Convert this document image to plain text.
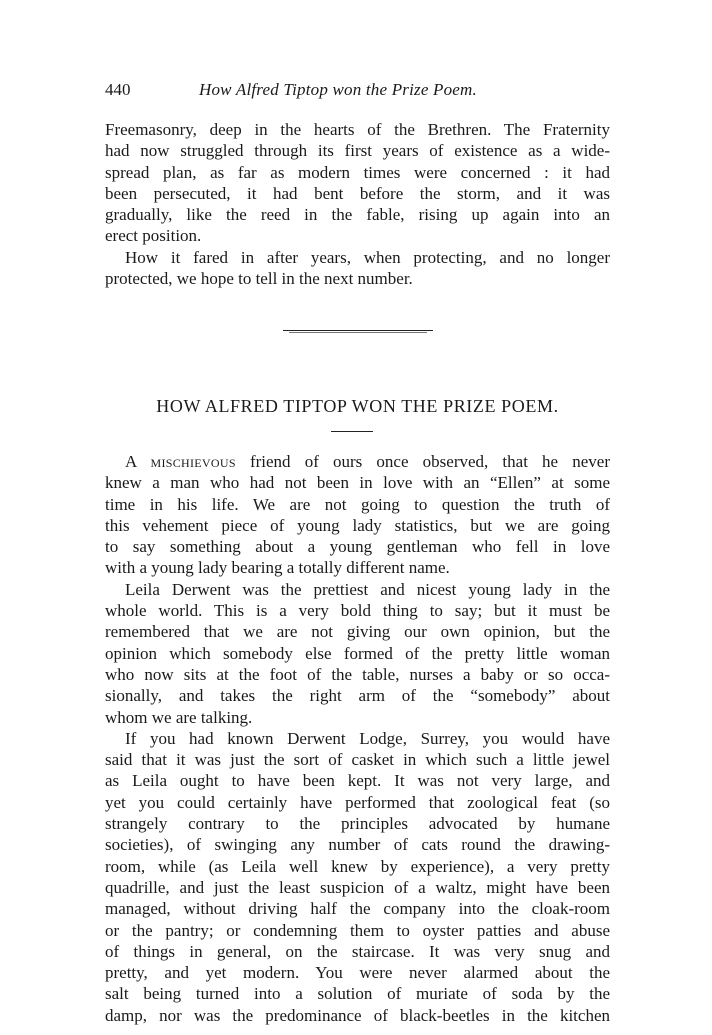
440	How Alfred Tiptop won the Prize Poem.
Freemasonry, deep in the hearts of the Brethren. The Fraternity
had now struggled through its first years of existence as a wide-
spread plan, as far as modern times were concerned : it had
been persecuted, it had bent before the storm, and it was
gradually, like the reed in the fable, rising up again into an
erect position.
How it fared in after years, when protecting, and no longer
protected, we hope to tell in the next number.
HOW ALFRED TIPTOP WON THE PRIZE POEM.
A mischievous friend of ours once observed, that he never
knew a man who had not been in love with an “Ellen” at some
time in his life. We are not going to question the truth of
this vehement piece of young lady statistics, but we are going
to say something about a young gentleman who fell in love
with a young lady bearing a totally different name.
Leila Derwent was the prettiest and nicest young lady in the
whole world. This is a very bold thing to say; but it must be
remembered that we are not giving our own opinion, but the
opinion which somebody else formed of the pretty little woman
who now sits at the foot of the table, nurses a baby or so occa-
sionally, and takes the right arm of the “somebody” about
whom we are talking.
If you had known Derwent Lodge, Surrey, you would have
said that it was just the sort of casket in which such a little jewel
as Leila ought to have been kept. It was not very large, and
yet you could certainly have performed that zoological feat (so
strangely contrary to the principles advocated by humane
societies), of swinging any number of cats round the drawing-
room, while (as Leila well knew by experience), a very pretty
quadrille, and just the least suspicion of a waltz, might have been
managed, without driving half the company into the cloak-room
or the pantry; or condemning them to oyster patties and abuse
of things in general, on the staircase. It was very snug and
pretty, and yet modern. You were never alarmed about the
salt being turned into a solution of muriate of soda by the
damp, nor was the predominance of black-beetles in the kitchen
